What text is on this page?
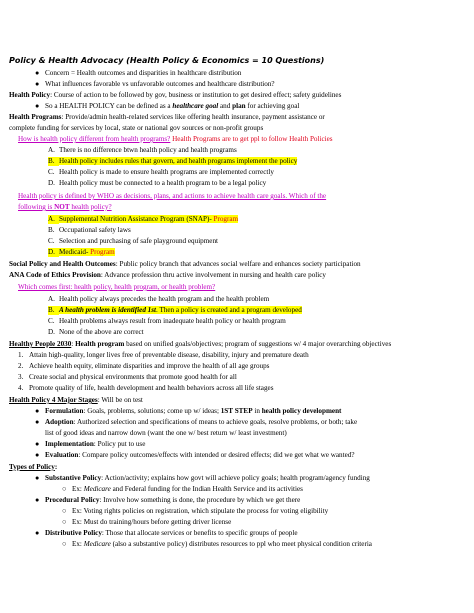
Policy & Health Advocacy (Health Policy & Economics = 10 Questions)
● Concern = Health outcomes and disparities in healthcare distribution
● What influences favorable vs unfavorable outcomes and healthcare distribution?
Health Policy: Course of action to be followed by gov, business or institution to get desired effect; safety guidelines
● So a HEALTH POLICY can be defined as a healthcare goal and plan for achieving goal
Health Programs: Provide/admin health-related services like offering health insurance, payment assistance or
complete funding for services by local, state or national gov sources or non-profit groups
How is health policy different from health programs? Health Programs are to get ppl to follow Health Policies
A. There is no difference btwn health policy and health programs
B. Health policy includes rules that govern, and health programs implement the policy
C. Health policy is made to ensure health programs are implemented correctly
D. Health policy must be connected to a health program to be a legal policy
Health policy is defined by WHO as decisions, plans, and actions to achieve health care goals. Which of the
following is NOT health policy?
A. Supplemental Nutrition Assistance Program (SNAP)- Program
B. Occupational safety laws
C. Selection and purchasing of safe playground equipment
D. Medicaid- Program
Social Policy and Health Outcomes: Public policy branch that advances social welfare and enhances society participation
ANA Code of Ethics Provision: Advance profession thru active involvement in nursing and health care policy
Which comes first: health policy, health program, or health problem?
A. Health policy always precedes the health program and the health problem
B. A health problem is identified 1st. Then a policy is created and a program developed
C. Health problems always result from inadequate health policy or health program
D. None of the above are correct
Healthy People 2030: Health program based on unified goals/objectives; program of suggestions w/ 4 major overarching objectives
1. Attain high-quality, longer lives free of preventable disease, disability, injury and premature death
2. Achieve health equity, eliminate disparities and improve the health of all age groups
3. Create social and physical environments that promote good health for all
4. Promote quality of life, health development and health behaviors across all life stages
Health Policy 4 Major Stages: Will be on test
● Formulation: Goals, problems, solutions; come up w/ ideas; 1ST STEP in health policy development
● Adoption: Authorized selection and specifications of means to achieve goals, resolve problems, or both; take
list of good ideas and narrow down (want the one w/ best return w/ least investment)
● Implementation: Policy put to use
● Evaluation: Compare policy outcomes/effects with intended or desired effects; did we get what we wanted?
Types of Policy:
● Substantive Policy: Action/activity; explains how govt will achieve policy goals; health program/agency funding
○ Ex: Medicare and Federal funding for the Indian Health Service and its activities
● Procedural Policy: Involve how something is done, the procedure by which we get there
○ Ex: Voting rights policies on registration, which stipulate the process for voting eligibility
○ Ex: Must do training/hours before getting driver license
● Distributive Policy: Those that allocate services or benefits to specific groups of people
○ Ex: Medicare (also a substantive policy) distributes resources to ppl who meet physical condition criteria
